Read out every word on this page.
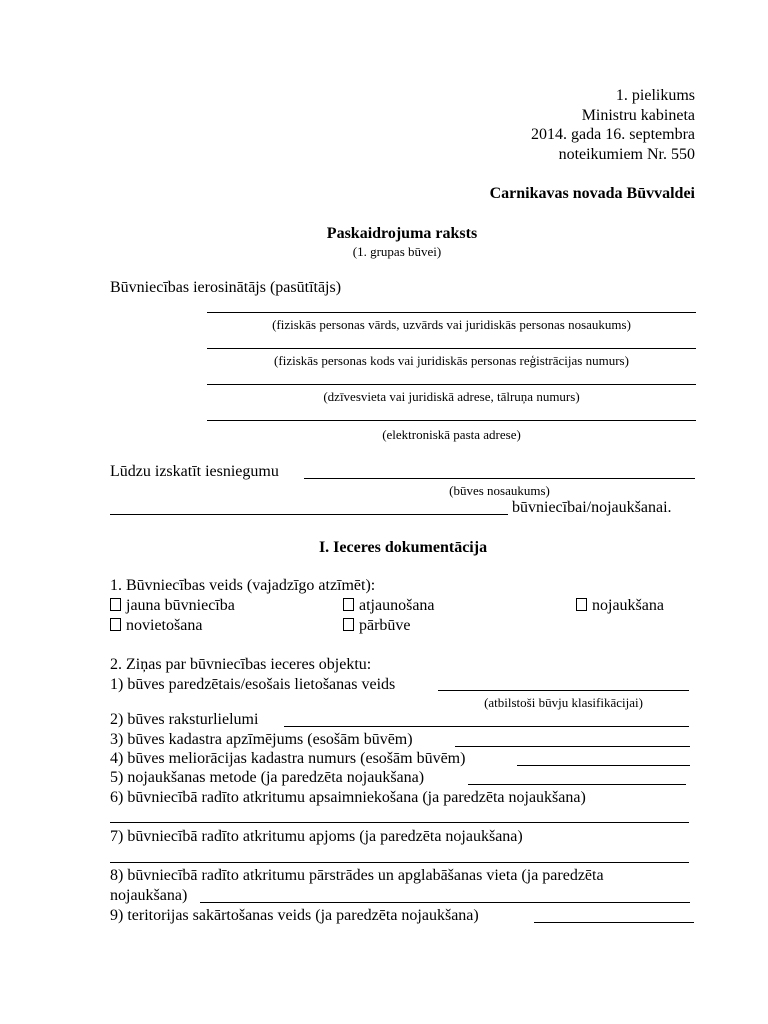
1. pielikums
Ministru kabineta
2014. gada 16. septembra
noteikumiem Nr. 550
Carnikavas novada Būvvaldei
Paskaidrojuma raksts
(1. grupas būvei)
Būvniecības ierosinātājs (pasūtītājs)
(fiziskās personas vārds, uzvārds vai juridiskās personas nosaukums)
(fiziskās personas kods vai juridiskās personas reģistrācijas numurs)
(dzīvesvieta vai juridiskā adrese, tālruņa numurs)
(elektroniskā pasta adrese)
Lūdzu izskatīt iesniegumu
(būves nosaukums)
būvniecībai/nojaukšanai.
I. Ieceres dokumentācija
1. Būvniecības veids (vajadzīgo atzīmēt):
jauna būvniecība	atjaunošana	nojaukšana
novietošana	pārbūve
2. Ziņas par būvniecības ieceres objektu:
1) būves paredzētais/esošais lietošanas veids
(atbilstoši būvju klasifikācijai)
2) būves raksturlielumi
3) būves kadastra apzīmējums (esošām būvēm)
4) būves meliorācijas kadastra numurs (esošām būvēm)
5) nojaukšanas metode (ja paredzēta nojaukšana)
6) būvniecībā radīto atkritumu apsaimniekošana (ja paredzēta nojaukšana)
7) būvniecībā radīto atkritumu apjoms (ja paredzēta nojaukšana)
8) būvniecībā radīto atkritumu pārstrādes un apglabāšanas vieta (ja paredzēta
nojaukšana)
9) teritorijas sakārtošanas veids (ja paredzēta nojaukšana)
